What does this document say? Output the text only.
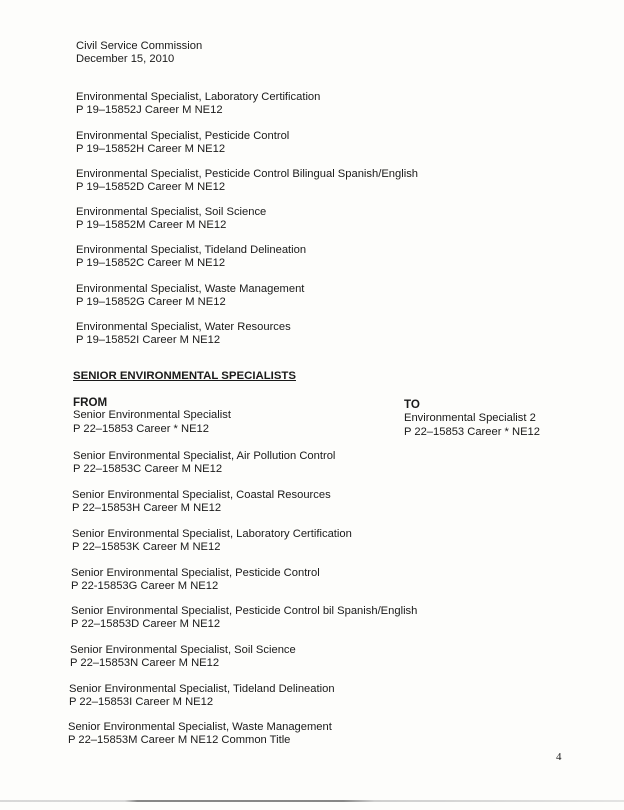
Civil Service Commission
December 15, 2010
Environmental Specialist, Laboratory Certification
P 19–15852J Career M NE12
Environmental Specialist, Pesticide Control
P 19–15852H Career M NE12
Environmental Specialist, Pesticide Control Bilingual Spanish/English
P 19–15852D Career M NE12
Environmental Specialist, Soil Science
P 19–15852M Career M NE12
Environmental Specialist, Tideland Delineation
P 19–15852C Career M NE12
Environmental Specialist, Waste Management
P 19–15852G Career M NE12
Environmental Specialist, Water Resources
P 19–15852I Career M NE12
SENIOR ENVIRONMENTAL SPECIALISTS
FROM	TO
Environmental Specialist 2
P 22–15853 Career * NE12
Senior Environmental Specialist
P 22–15853 Career * NE12
Senior Environmental Specialist, Air Pollution Control
P 22–15853C Career M NE12
Senior Environmental Specialist, Coastal Resources
P 22–15853H Career M NE12
Senior Environmental Specialist, Laboratory Certification
P 22–15853K Career M NE12
Senior Environmental Specialist, Pesticide Control
P 22-15853G Career M NE12
Senior Environmental Specialist, Pesticide Control bil Spanish/English
P 22–15853D Career M NE12
Senior Environmental Specialist, Soil Science
P 22–15853N Career M NE12
Senior Environmental Specialist, Tideland Delineation
P 22–15853I Career M NE12
Senior Environmental Specialist, Waste Management
P 22–15853M Career M NE12 Common Title
4
